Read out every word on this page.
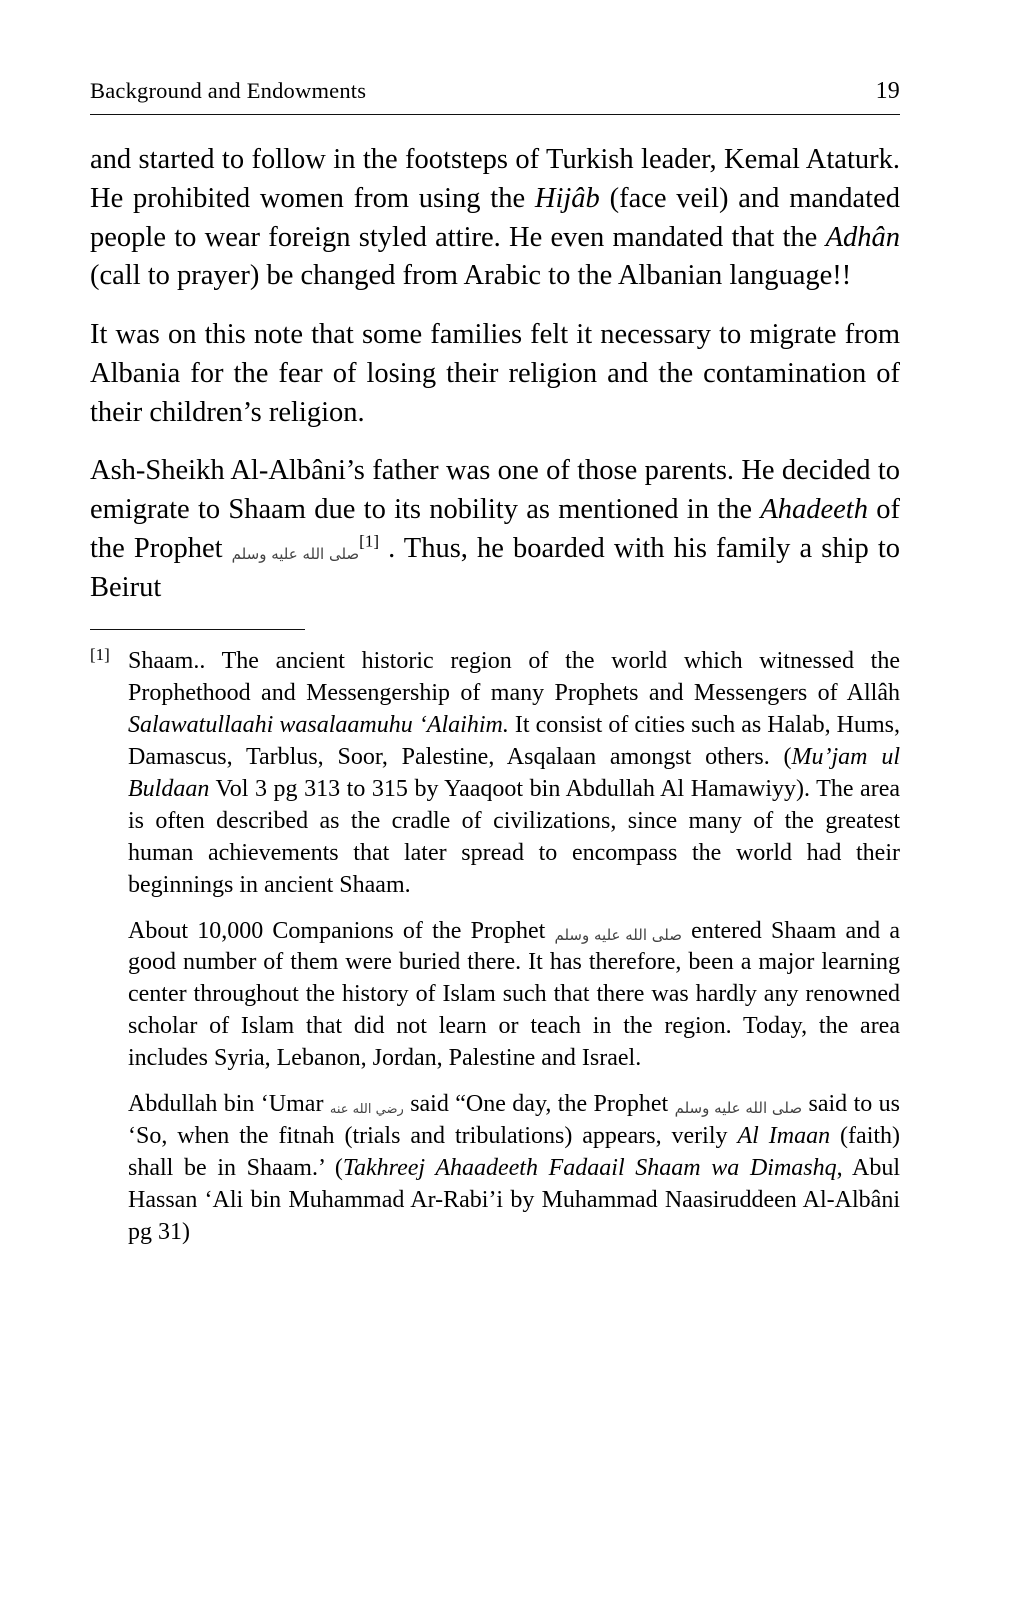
Background and Endowments	19

and started to follow in the footsteps of Turkish leader, Kemal Ataturk. He prohibited women from using the Hijâb (face veil) and mandated people to wear foreign styled attire. He even mandated that the Adhân (call to prayer) be changed from Arabic to the Albanian language!!

It was on this note that some families felt it necessary to migrate from Albania for the fear of losing their religion and the contamination of their children’s religion.

Ash-Sheikh Al-Albâni’s father was one of those parents. He decided to emigrate to Shaam due to its nobility as mentioned in the Ahadeeth of the Prophet صلى الله عليه وسلم[1] . Thus, he boarded with his family a ship to Beirut

[1] Shaam.. The ancient historic region of the world which witnessed the Prophethood and Messengership of many Prophets and Messengers of Allâh Salawatullaahi wasalaamuhu ‘Alaihim. It consist of cities such as Halab, Hums, Damascus, Tarblus, Soor, Palestine, Asqalaan amongst others. (Mu’jam ul Buldaan Vol 3 pg 313 to 315 by Yaaqoot bin Abdullah Al Hamawiyy). The area is often described as the cradle of civilizations, since many of the greatest human achievements that later spread to encompass the world had their beginnings in ancient Shaam.

About 10,000 Companions of the Prophet صلى الله عليه وسلم entered Shaam and a good number of them were buried there. It has therefore, been a major learning center throughout the history of Islam such that there was hardly any renowned scholar of Islam that did not learn or teach in the region. Today, the area includes Syria, Lebanon, Jordan, Palestine and Israel.

Abdullah bin ‘Umar رضي الله عنه said “One day, the Prophet صلى الله عليه وسلم said to us ‘So, when the fitnah (trials and tribulations) appears, verily Al Imaan (faith) shall be in Shaam.’ (Takhreej Ahaadeeth Fadaail Shaam wa Dimashq, Abul Hassan ‘Ali bin Muhammad Ar-Rabi’i by Muhammad Naasiruddeen Al-Albâni pg 31)
